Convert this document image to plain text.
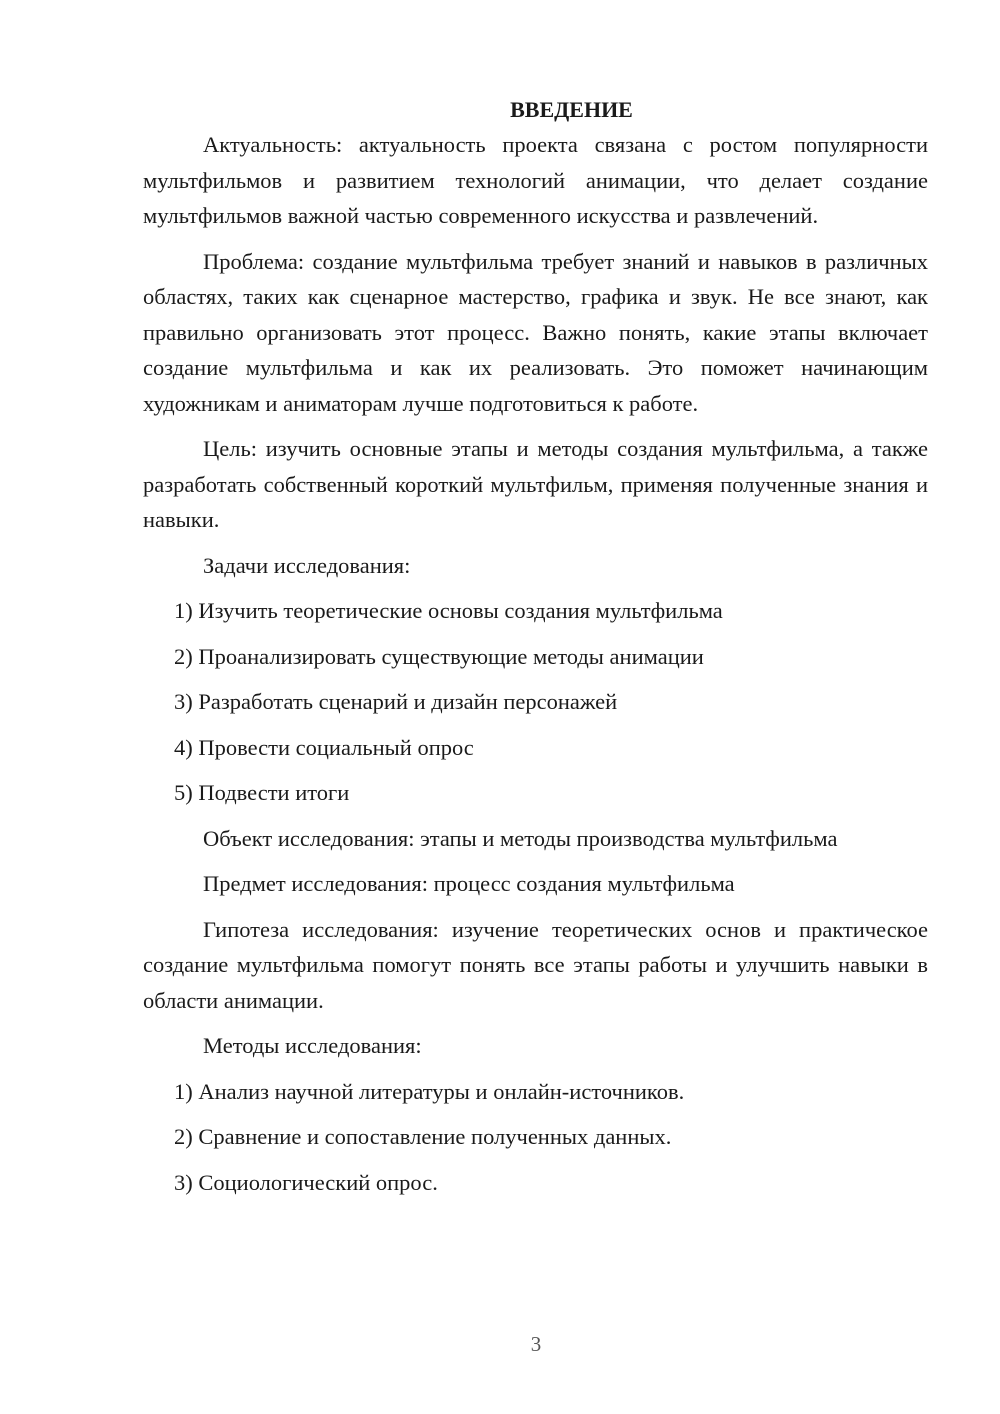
ВВЕДЕНИЕ

Актуальность: актуальность проекта связана с ростом популярности мультфильмов и развитием технологий анимации, что делает создание мультфильмов важной частью современного искусства и развлечений.

Проблема: создание мультфильма требует знаний и навыков в различных областях, таких как сценарное мастерство, графика и звук. Не все знают, как правильно организовать этот процесс. Важно понять, какие этапы включает создание мультфильма и как их реализовать. Это поможет начинающим художникам и аниматорам лучше подготовиться к работе.

Цель: изучить основные этапы и методы создания мультфильма, а также разработать собственный короткий мультфильм, применяя полученные знания и навыки.

Задачи исследования:

1) Изучить теоретические основы создания мультфильма
2) Проанализировать существующие методы анимации
3) Разработать сценарий и дизайн персонажей
4) Провести социальный опрос
5) Подвести итоги

Объект исследования: этапы и методы производства мультфильма

Предмет исследования: процесс создания мультфильма

Гипотеза исследования: изучение теоретических основ и практическое создание мультфильма помогут понять все этапы работы и улучшить навыки в области анимации.

Методы исследования:

1) Анализ научной литературы и онлайн-источников.
2) Сравнение и сопоставление полученных данных.
3) Социологический опрос.
3
